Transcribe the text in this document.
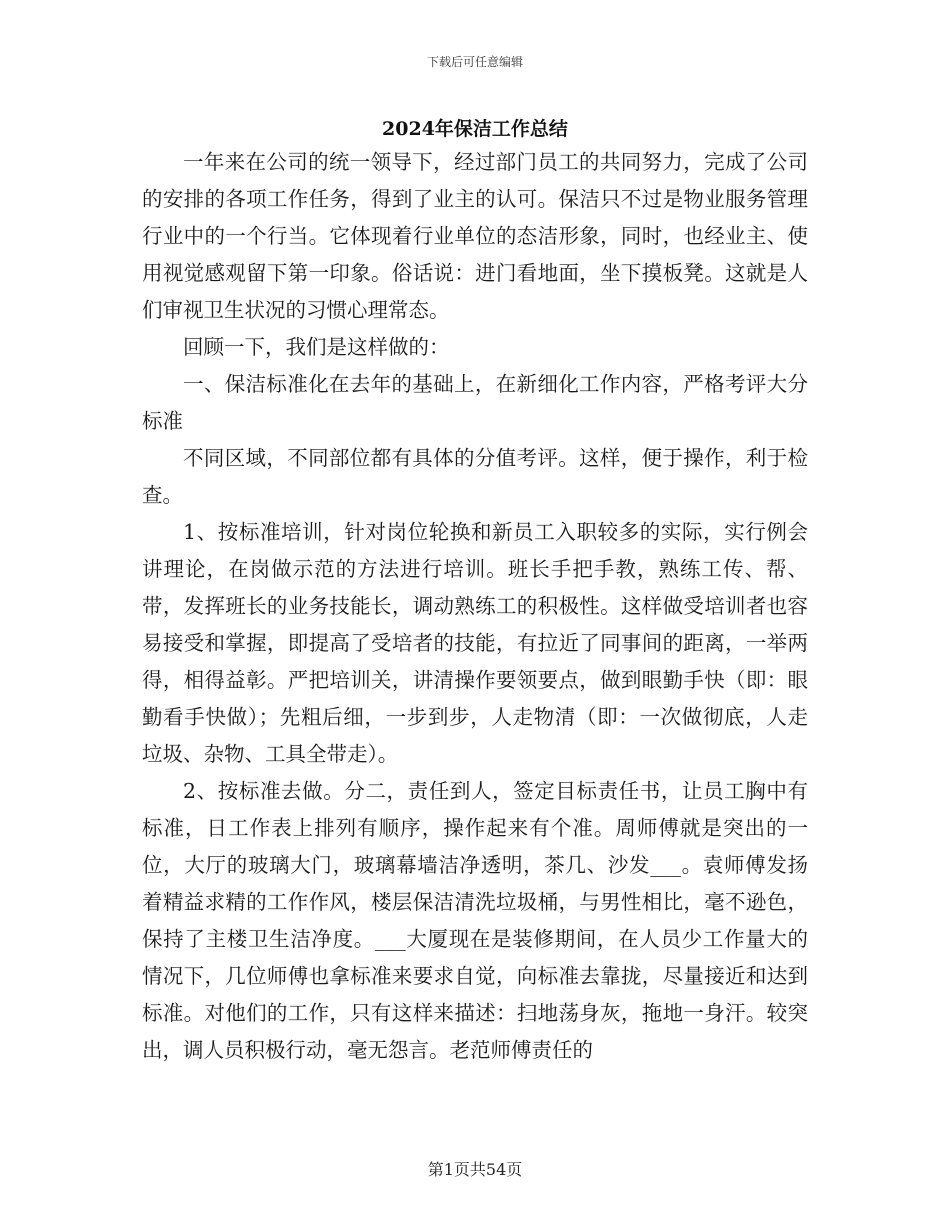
下载后可任意编辑
2024年保洁工作总结

一年来在公司的统一领导下，经过部门员工的共同努力，完成了公司的安排的各项工作任务，得到了业主的认可。保洁只不过是物业服务管理行业中的一个行当。它体现着行业单位的态洁形象，同时，也经业主、使用视觉感观留下第一印象。俗话说：进门看地面，坐下摸板凳。这就是人们审视卫生状况的习惯心理常态。

回顾一下，我们是这样做的：

一、保洁标准化在去年的基础上，在新细化工作内容，严格考评大分标准

不同区域，不同部位都有具体的分值考评。这样，便于操作，利于检查。

1、按标准培训，针对岗位轮换和新员工入职较多的实际，实行例会讲理论，在岗做示范的方法进行培训。班长手把手教，熟练工传、帮、带，发挥班长的业务技能长，调动熟练工的积极性。这样做受培训者也容易接受和掌握，即提高了受培者的技能，有拉近了同事间的距离，一举两得，相得益彰。严把培训关，讲清操作要领要点，做到眼勤手快（即：眼勤看手快做）；先粗后细，一步到步，人走物清（即：一次做彻底，人走垃圾、杂物、工具全带走）。

2、按标准去做。分二，责任到人，签定目标责任书，让员工胸中有标准，日工作表上排列有顺序，操作起来有个准。周师傅就是突出的一位，大厅的玻璃大门，玻璃幕墙洁净透明，茶几、沙发___。袁师傅发扬着精益求精的工作作风，楼层保洁清洗垃圾桶，与男性相比，毫不逊色，保持了主楼卫生洁净度。___大厦现在是装修期间，在人员少工作量大的情况下，几位师傅也拿标准来要求自觉，向标准去靠拢，尽量接近和达到标准。对他们的工作，只有这样来描述：扫地荡身灰，拖地一身汗。较突出，调人员积极行动，毫无怨言。老范师傅责任的

第1页共54页
